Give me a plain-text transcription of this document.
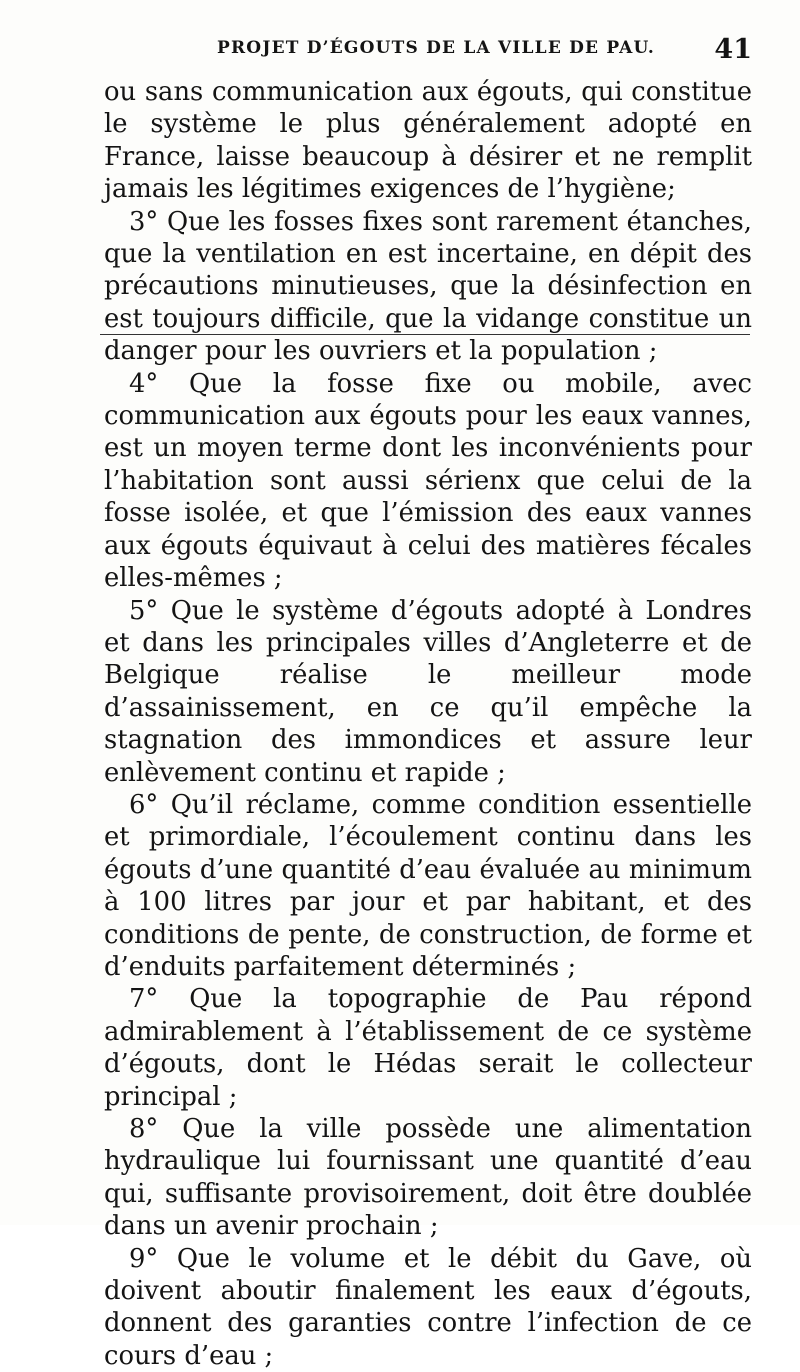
PROJET D’ÉGOUTS DE LA VILLE DE PAU. 41

ou sans communication aux égouts, qui constitue le système le plus généralement adopté en France, laisse beaucoup à désirer et ne remplit jamais les légitimes exigences de l’hygiène;

3° Que les fosses fixes sont rarement étanches, que la ventilation en est incertaine, en dépit des précautions minutieuses, que la désinfection en est toujours difficile, que la vidange constitue un danger pour les ouvriers et la population ;

4° Que la fosse fixe ou mobile, avec communication aux égouts pour les eaux vannes, est un moyen terme dont les inconvénients pour l’habitation sont aussi sérienx que celui de la fosse isolée, et que l’émission des eaux vannes aux égouts équivaut à celui des matières fécales elles-mêmes ;

5° Que le système d’égouts adopté à Londres et dans les principales villes d’Angleterre et de Belgique réalise le meilleur mode d’assainissement, en ce qu’il empêche la stagnation des immondices et assure leur enlèvement continu et rapide ;

6° Qu’il réclame, comme condition essentielle et primordiale, l’écoulement continu dans les égouts d’une quantité d’eau évaluée au minimum à 100 litres par jour et par habitant, et des conditions de pente, de construction, de forme et d’enduits parfaitement déterminés ;

7° Que la topographie de Pau répond admirablement à l’établissement de ce système d’égouts, dont le Hédas serait le collecteur principal ;

8° Que la ville possède une alimentation hydraulique lui fournissant une quantité d’eau qui, suffisante provisoirement, doit être doublée dans un avenir prochain ;

9° Que le volume et le débit du Gave, où doivent aboutir finalement les eaux d’égouts, donnent des garanties contre l’infection de ce cours d’eau ;
